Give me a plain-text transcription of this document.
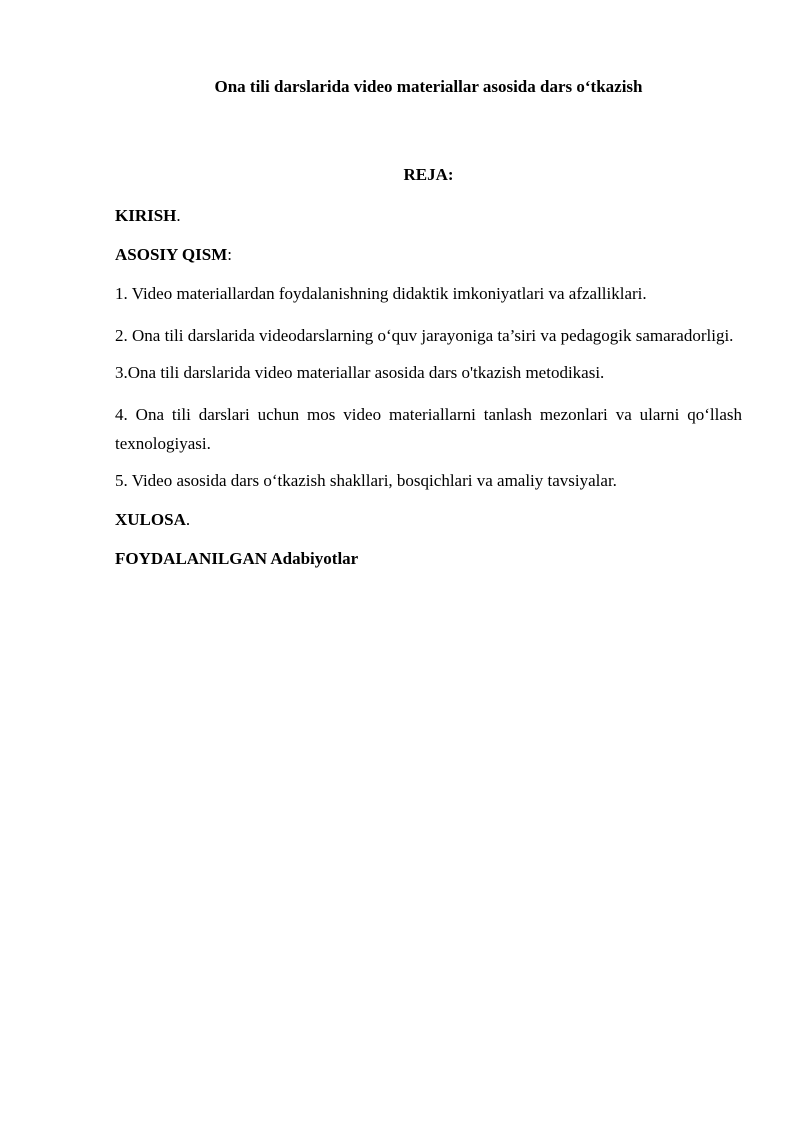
Ona tili darslarida video materiallar asosida dars o‘tkazish
REJA:
KIRISH.
ASOSIY QISM:
1. Video materiallardan foydalanishning didaktik imkoniyatlari va afzalliklari.
2. Ona tili darslarida videodarslarning o‘quv jarayoniga ta’siri va pedagogik samaradorligi.
3.Ona tili darslarida video materiallar asosida dars o'tkazish metodikasi.
4. Ona tili darslari uchun mos video materiallarni tanlash mezonlari va ularni qo‘llash texnologiyasi.
5. Video asosida dars o‘tkazish shakllari, bosqichlari va amaliy tavsiyalar.
XULOSA.
FOYDALANILGAN Adabiyotlar
